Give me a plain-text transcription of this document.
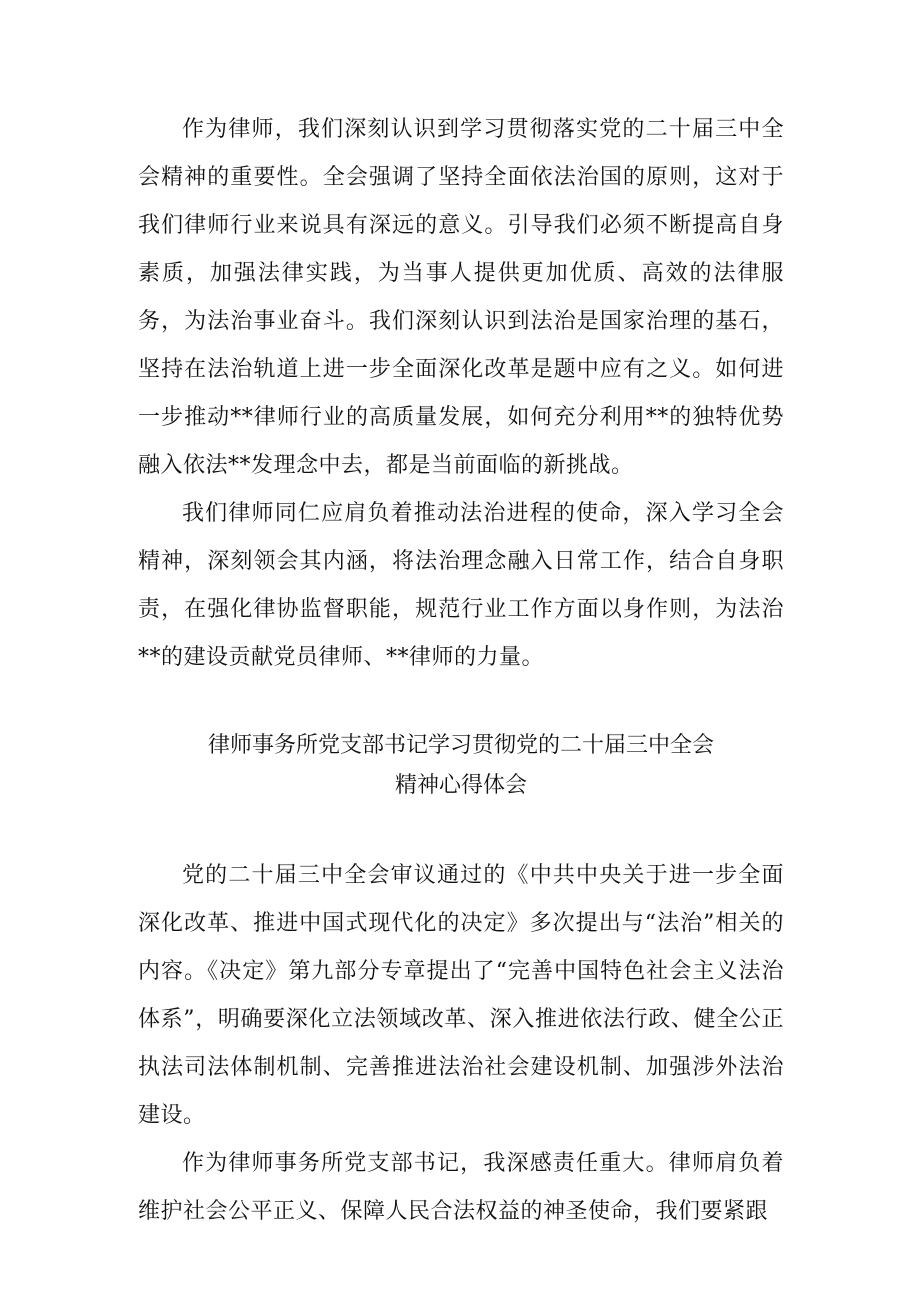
作为律师，我们深刻认识到学习贯彻落实党的二十届三中全会精神的重要性。全会强调了坚持全面依法治国的原则，这对于我们律师行业来说具有深远的意义。引导我们必须不断提高自身素质，加强法律实践，为当事人提供更加优质、高效的法律服务，为法治事业奋斗。我们深刻认识到法治是国家治理的基石，坚持在法治轨道上进一步全面深化改革是题中应有之义。如何进一步推动**律师行业的高质量发展，如何充分利用**的独特优势融入依法**发理念中去，都是当前面临的新挑战。

我们律师同仁应肩负着推动法治进程的使命，深入学习全会精神，深刻领会其内涵，将法治理念融入日常工作，结合自身职责，在强化律协监督职能，规范行业工作方面以身作则，为法治**的建设贡献党员律师、**律师的力量。

律师事务所党支部书记学习贯彻党的二十届三中全会
精神心得体会

党的二十届三中全会审议通过的《中共中央关于进一步全面深化改革、推进中国式现代化的决定》多次提出与“法治”相关的内容。《决定》第九部分专章提出了“完善中国特色社会主义法治体系”，明确要深化立法领域改革、深入推进依法行政、健全公正执法司法体制机制、完善推进法治社会建设机制、加强涉外法治建设。

作为律师事务所党支部书记，我深感责任重大。律师肩负着维护社会公平正义、保障人民合法权益的神圣使命，我们要紧跟
